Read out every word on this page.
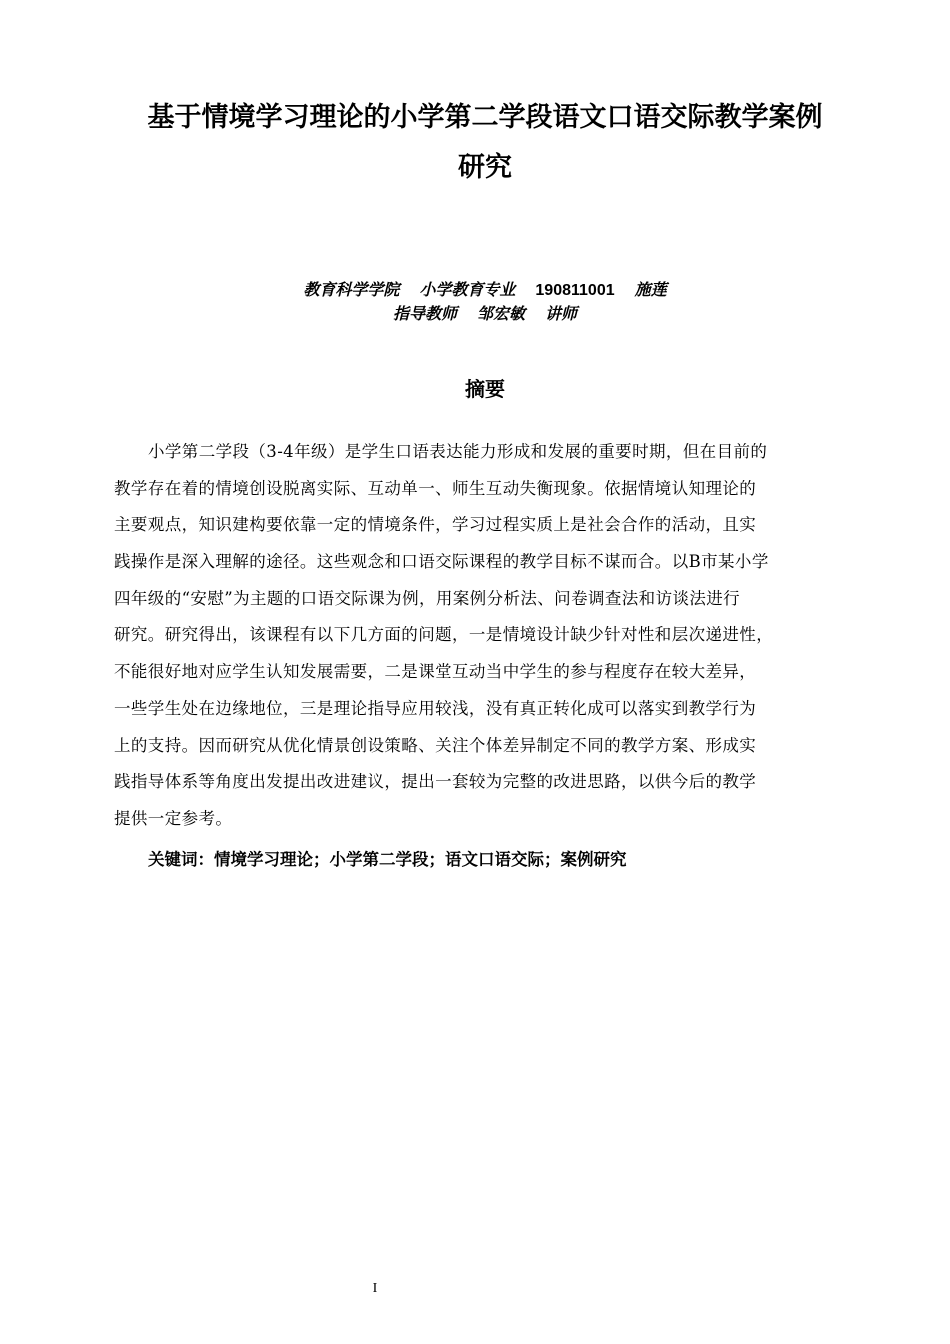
基于情境学习理论的小学第二学段语文口语交际教学案例
研究
教育科学学院 小学教育专业 190811001 施莲
指导教师 邹宏敏 讲师
摘要
小学第二学段（3-4年级）是学生口语表达能力形成和发展的重要时期，但在目前的
教学存在着的情境创设脱离实际、互动单一、师生互动失衡现象。依据情境认知理论的
主要观点，知识建构要依靠一定的情境条件，学习过程实质上是社会合作的活动，且实
践操作是深入理解的途径。这些观念和口语交际课程的教学目标不谋而合。以B市某小学
四年级的“安慰”为主题的口语交际课为例，用案例分析法、问卷调查法和访谈法进行
研究。研究得出，该课程有以下几方面的问题，一是情境设计缺少针对性和层次递进性，
不能很好地对应学生认知发展需要，二是课堂互动当中学生的参与程度存在较大差异，
一些学生处在边缘地位，三是理论指导应用较浅，没有真正转化成可以落实到教学行为
上的支持。因而研究从优化情景创设策略、关注个体差异制定不同的教学方案、形成实
践指导体系等角度出发提出改进建议，提出一套较为完整的改进思路，以供今后的教学
提供一定参考。
关键词：情境学习理论；小学第二学段；语文口语交际；案例研究
I
